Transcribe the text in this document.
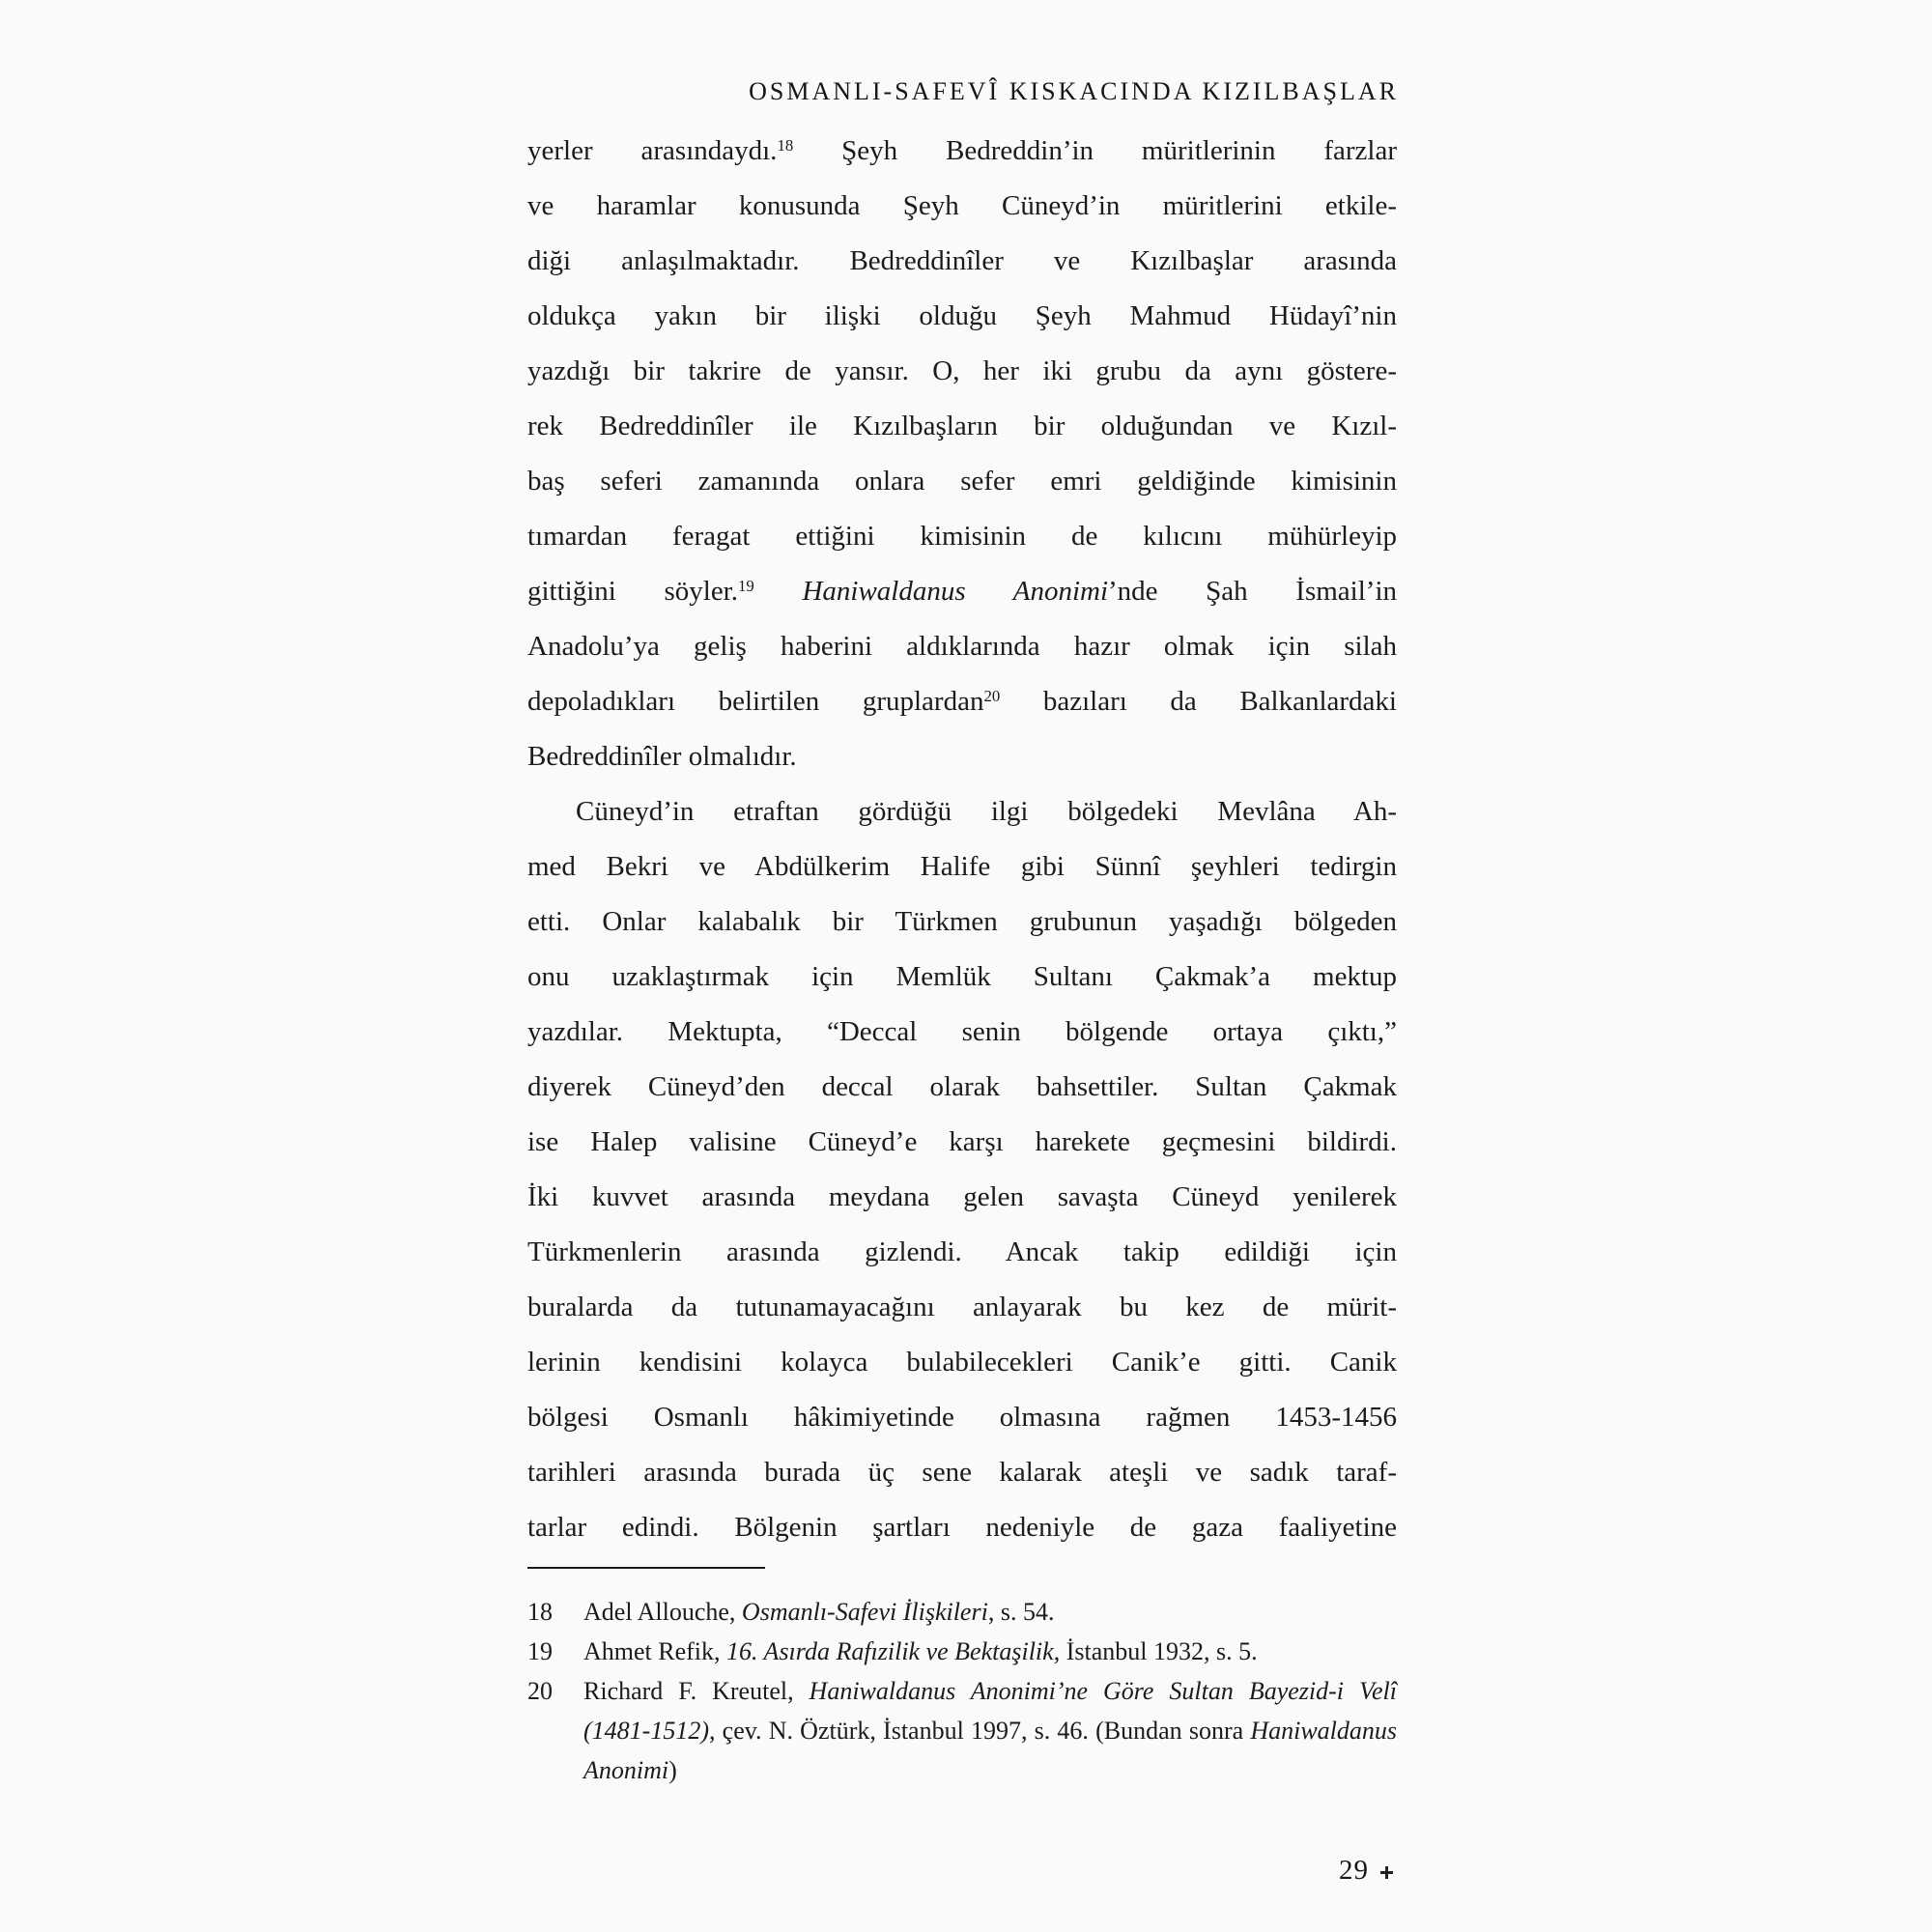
OSMANLI-SAFEVÎ KISKACINDA KIZILBAŞLAR
yerler arasındaydı.$^{18}$ Şeyh Bedreddin’in müritlerinin farzlar
ve haramlar konusunda Şeyh Cüneyd’in müritlerini etkile-
diği anlaşılmaktadır. Bedreddinîler ve Kızılbaşlar arasında
oldukça yakın bir ilişki olduğu Şeyh Mahmud Hüdayî’nin
yazdığı bir takrire de yansır. O, her iki grubu da aynı göstere-
rek Bedreddinîler ile Kızılbaşların bir olduğundan ve Kızıl-
baş seferi zamanında onlara sefer emri geldiğinde kimisinin
tımardan feragat ettiğini kimisinin de kılıcını mühürleyip
gittiğini söyler.$^{19}$ Haniwaldanus Anonimi’nde Şah İsmail’in
Anadolu’ya geliş haberini aldıklarında hazır olmak için silah
depoladıkları belirtilen gruplardan$^{20}$ bazıları da Balkanlardaki
Bedreddinîler olmalıdır.
Cüneyd’in etraftan gördüğü ilgi bölgedeki Mevlâna Ah-
med Bekri ve Abdülkerim Halife gibi Sünnî şeyhleri tedirgin
etti. Onlar kalabalık bir Türkmen grubunun yaşadığı bölgeden
onu uzaklaştırmak için Memlük Sultanı Çakmak’a mektup
yazdılar. Mektupta, “Deccal senin bölgende ortaya çıktı,”
diyerek Cüneyd’den deccal olarak bahsettiler. Sultan Çakmak
ise Halep valisine Cüneyd’e karşı harekete geçmesini bildirdi.
İki kuvvet arasında meydana gelen savaşta Cüneyd yenilerek
Türkmenlerin arasında gizlendi. Ancak takip edildiği için
buralarda da tutunamayacağını anlayarak bu kez de mürit-
lerinin kendisini kolayca bulabilecekleri Canik’e gitti. Canik
bölgesi Osmanlı hâkimiyetinde olmasına rağmen 1453-1456
tarihleri arasında burada üç sene kalarak ateşli ve sadık taraf-
tarlar edindi. Bölgenin şartları nedeniyle de gaza faaliyetine
18	Adel Allouche, Osmanlı-Safevi İlişkileri, s. 54.
19	Ahmet Refik, 16. Asırda Rafızilik ve Bektaşilik, İstanbul 1932, s. 5.
20	Richard F. Kreutel, Haniwaldanus Anonimi’ne Göre Sultan Bayezid-i Velî (1481-1512), çev. N. Öztürk, İstanbul 1997, s. 46. (Bundan sonra Haniwaldanus Anonimi)
29
